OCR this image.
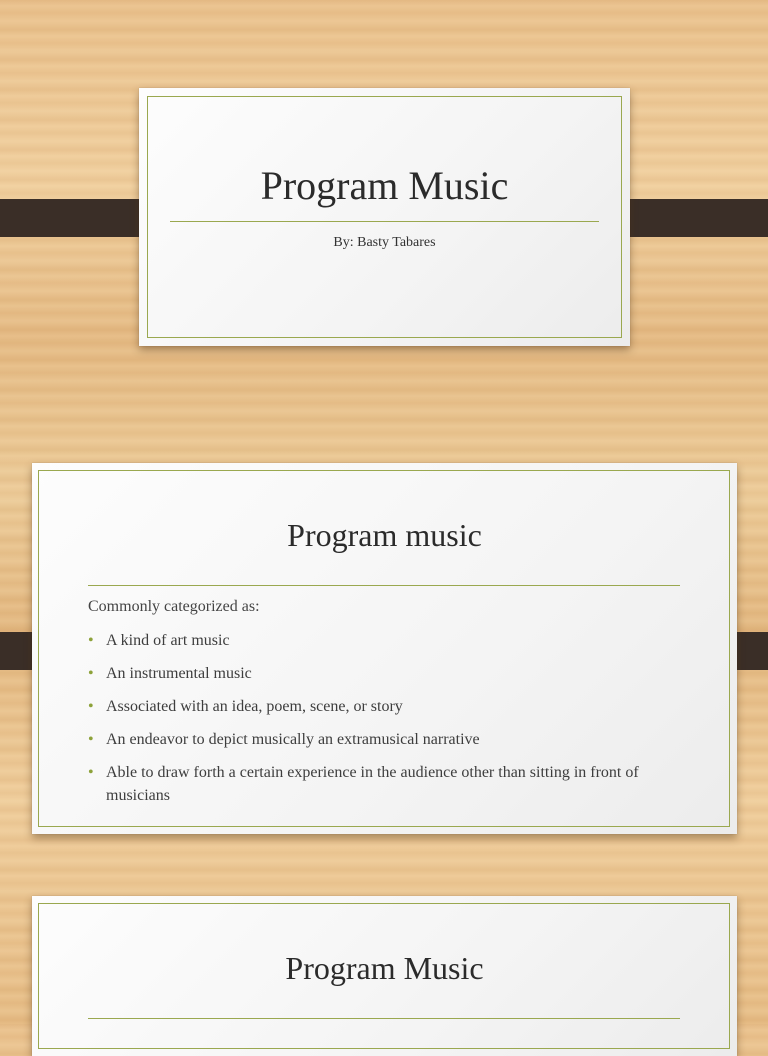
Program Music
By: Basty Tabares
Program music
Commonly categorized as:
• A kind of art music
• An instrumental music
• Associated with an idea, poem, scene, or story
• An endeavor to depict musically an extramusical narrative
• Able to draw forth a certain experience in the audience other than sitting in front of musicians
Program Music
